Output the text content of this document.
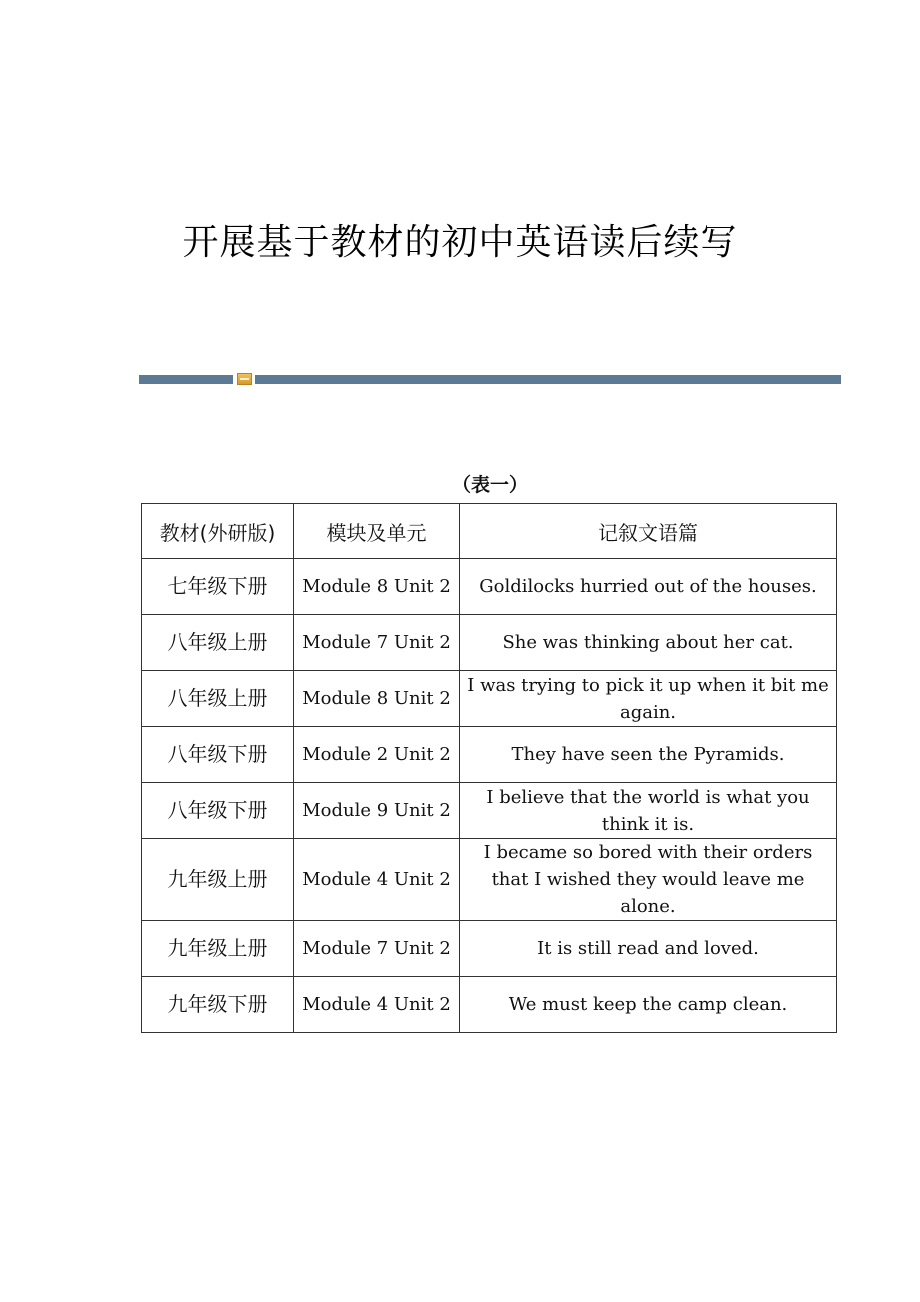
开展基于教材的初中英语读后续写
（表一）
教材(外研版)	模块及单元	记叙文语篇
七年级下册	Module 8 Unit 2	Goldilocks hurried out of the houses.
八年级上册	Module 7 Unit 2	She was thinking about her cat.
八年级上册	Module 8 Unit 2	I was trying to pick it up when it bit me again.
八年级下册	Module 2 Unit 2	They have seen the Pyramids.
八年级下册	Module 9 Unit 2	I believe that the world is what you think it is.
九年级上册	Module 4 Unit 2	I became so bored with their orders that I wished they would leave me alone.
九年级上册	Module 7 Unit 2	It is still read and loved.
九年级下册	Module 4 Unit 2	We must keep the camp clean.
